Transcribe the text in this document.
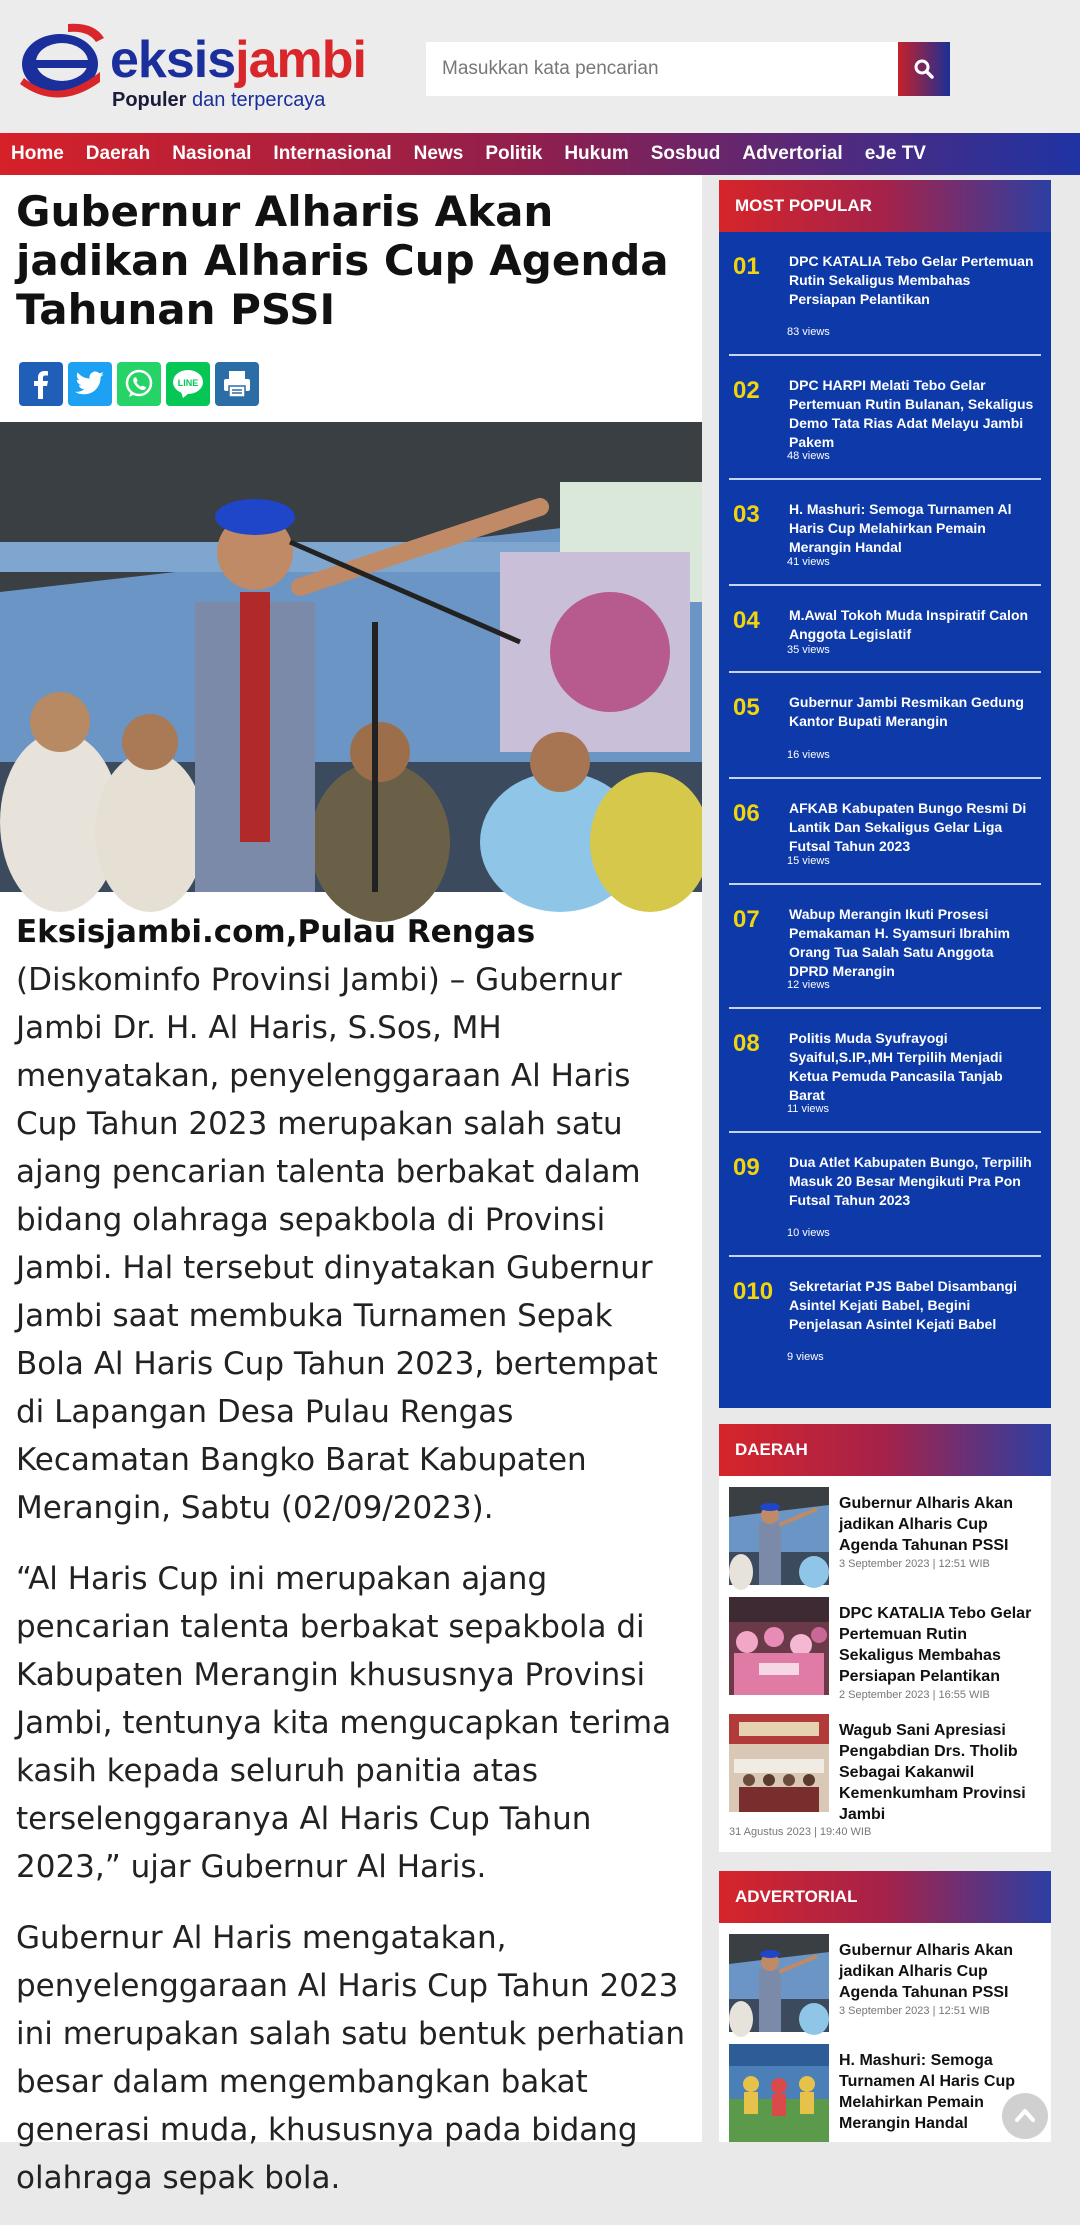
eksisjambi
Populer dan terpercaya
Masukkan kata pencarian
Home Daerah Nasional Internasional News Politik Hukum Sosbud Advertorial eJe TV
Gubernur Alharis Akan jadikan Alharis Cup Agenda Tahunan PSSI
LINE

Eksisjambi.com,Pulau Rengas (Diskominfo Provinsi Jambi) – Gubernur Jambi Dr. H. Al Haris, S.Sos, MH menyatakan, penyelenggaraan Al Haris Cup Tahun 2023 merupakan salah satu ajang pencarian talenta berbakat dalam bidang olahraga sepakbola di Provinsi Jambi. Hal tersebut dinyatakan Gubernur Jambi saat membuka Turnamen Sepak Bola Al Haris Cup Tahun 2023, bertempat di Lapangan Desa Pulau Rengas Kecamatan Bangko Barat Kabupaten Merangin, Sabtu (02/09/2023).

“Al Haris Cup ini merupakan ajang pencarian talenta berbakat sepakbola di Kabupaten Merangin khususnya Provinsi Jambi, tentunya kita mengucapkan terima kasih kepada seluruh panitia atas terselenggaranya Al Haris Cup Tahun 2023,” ujar Gubernur Al Haris.

Gubernur Al Haris mengatakan, penyelenggaraan Al Haris Cup Tahun 2023 ini merupakan salah satu bentuk perhatian besar dalam mengembangkan bakat generasi muda, khususnya pada bidang olahraga sepak bola.

MOST POPULAR
01 DPC KATALIA Tebo Gelar Pertemuan Rutin Sekaligus Membahas Persiapan Pelantikan
83 views
02 DPC HARPI Melati Tebo Gelar Pertemuan Rutin Bulanan, Sekaligus Demo Tata Rias Adat Melayu Jambi Pakem
48 views
03 H. Mashuri: Semoga Turnamen Al Haris Cup Melahirkan Pemain Merangin Handal
41 views
04 M.Awal Tokoh Muda Inspiratif Calon Anggota Legislatif
35 views
05 Gubernur Jambi Resmikan Gedung Kantor Bupati Merangin
16 views
06 AFKAB Kabupaten Bungo Resmi Di Lantik Dan Sekaligus Gelar Liga Futsal Tahun 2023
15 views
07 Wabup Merangin Ikuti Prosesi Pemakaman H. Syamsuri Ibrahim Orang Tua Salah Satu Anggota DPRD Merangin
12 views
08 Politis Muda Syufrayogi Syaiful,S.IP.,MH Terpilih Menjadi Ketua Pemuda Pancasila Tanjab Barat
11 views
09 Dua Atlet Kabupaten Bungo, Terpilih Masuk 20 Besar Mengikuti Pra Pon Futsal Tahun 2023
10 views
010 Sekretariat PJS Babel Disambangi Asintel Kejati Babel, Begini Penjelasan Asintel Kejati Babel
9 views
DAERAH
Gubernur Alharis Akan jadikan Alharis Cup Agenda Tahunan PSSI
3 September 2023 | 12:51 WIB
DPC KATALIA Tebo Gelar Pertemuan Rutin Sekaligus Membahas Persiapan Pelantikan
2 September 2023 | 16:55 WIB
Wagub Sani Apresiasi Pengabdian Drs. Tholib Sebagai Kakanwil Kemenkumham Provinsi Jambi
31 Agustus 2023 | 19:40 WIB
ADVERTORIAL
Gubernur Alharis Akan jadikan Alharis Cup Agenda Tahunan PSSI
3 September 2023 | 12:51 WIB
H. Mashuri: Semoga Turnamen Al Haris Cup Melahirkan Pemain Merangin Handal
